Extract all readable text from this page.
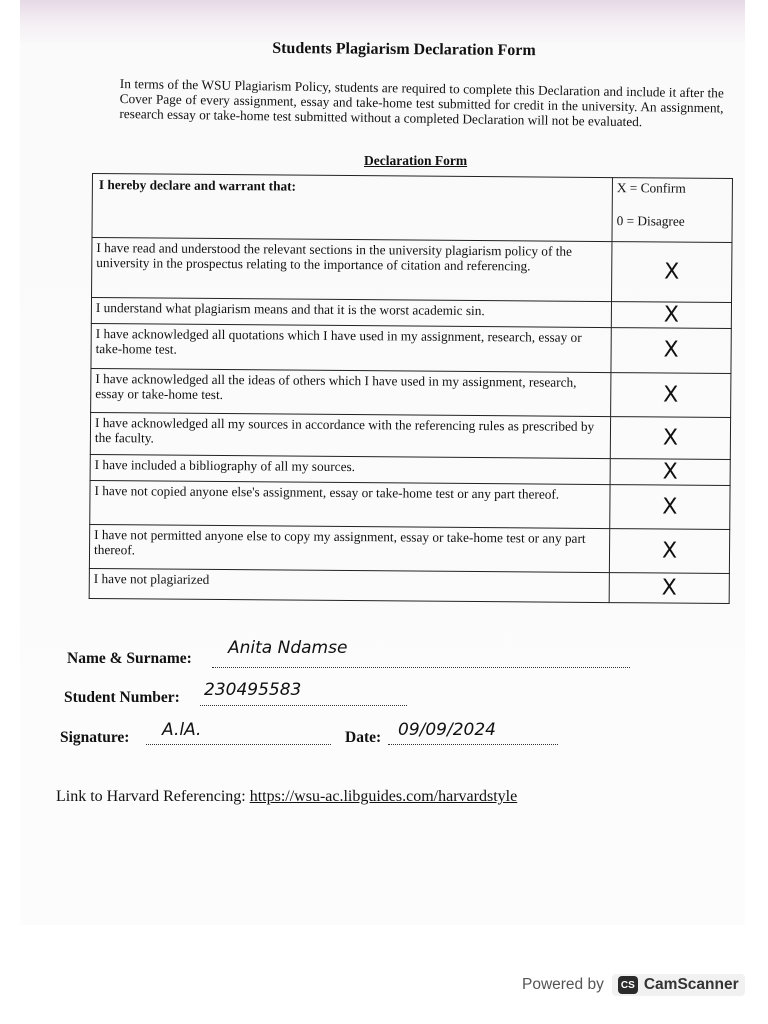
Students Plagiarism Declaration Form
In terms of the WSU Plagiarism Policy, students are required to complete this Declaration and include it after the Cover Page of every assignment, essay and take-home test submitted for credit in the university. An assignment, research essay or take-home test submitted without a completed Declaration will not be evaluated.
Declaration Form
I hereby declare and warrant that:	X = Confirm
0 = Disagree

I have read and understood the relevant sections in the university plagiarism policy of the university in the prospectus relating to the importance of citation and referencing.	X
I understand what plagiarism means and that it is the worst academic sin.	X
I have acknowledged all quotations which I have used in my assignment, research, essay or take-home test.	X
I have acknowledged all the ideas of others which I have used in my assignment, research, essay or take-home test.	X
I have acknowledged all my sources in accordance with the referencing rules as prescribed by the faculty.	X
I have included a bibliography of all my sources.	X
I have not copied anyone else's assignment, essay or take-home test or any part thereof.	X
I have not permitted anyone else to copy my assignment, essay or take-home test or any part thereof.	X
I have not plagiarized	X
Name & Surname:
Anita Ndamse
Student Number: 230495583
Signature: A.lA.	Date: 09/09/2024
Link to Harvard Referencing: https://wsu-ac.libguides.com/harvardstyle
Powered by	CS CamScanner
